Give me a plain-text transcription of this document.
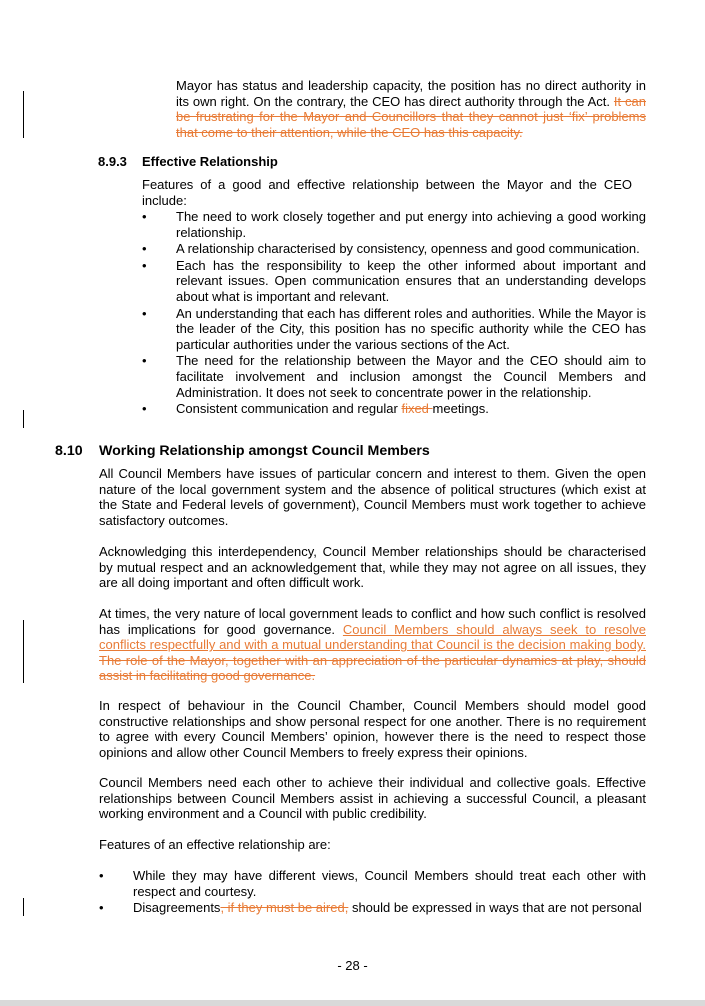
Mayor has status and leadership capacity, the position has no direct authority in its own right. On the contrary, the CEO has direct authority through the Act. It can be frustrating for the Mayor and Councillors that they cannot just ‘fix’ problems that come to their attention, while the CEO has this capacity.

8.9.3 Effective Relationship

Features of a good and effective relationship between the Mayor and the CEO include:

• The need to work closely together and put energy into achieving a good working relationship.
• A relationship characterised by consistency, openness and good communication.
• Each has the responsibility to keep the other informed about important and relevant issues. Open communication ensures that an understanding develops about what is important and relevant.
• An understanding that each has different roles and authorities. While the Mayor is the leader of the City, this position has no specific authority while the CEO has particular authorities under the various sections of the Act.
• The need for the relationship between the Mayor and the CEO should aim to facilitate involvement and inclusion amongst the Council Members and Administration. It does not seek to concentrate power in the relationship.
• Consistent communication and regular fixed meetings.
8.10 Working Relationship amongst Council Members

All Council Members have issues of particular concern and interest to them. Given the open nature of the local government system and the absence of political structures (which exist at the State and Federal levels of government), Council Members must work together to achieve satisfactory outcomes.

Acknowledging this interdependency, Council Member relationships should be characterised by mutual respect and an acknowledgement that, while they may not agree on all issues, they are all doing important and often difficult work.

At times, the very nature of local government leads to conflict and how such conflict is resolved has implications for good governance. Council Members should always seek to resolve conflicts respectfully and with a mutual understanding that Council is the decision making body. The role of the Mayor, together with an appreciation of the particular dynamics at play, should assist in facilitating good governance.

In respect of behaviour in the Council Chamber, Council Members should model good constructive relationships and show personal respect for one another. There is no requirement to agree with every Council Members’ opinion, however there is the need to respect those opinions and allow other Council Members to freely express their opinions.

Council Members need each other to achieve their individual and collective goals. Effective relationships between Council Members assist in achieving a successful Council, a pleasant working environment and a Council with public credibility.

Features of an effective relationship are:

• While they may have different views, Council Members should treat each other with respect and courtesy.
• Disagreements, if they must be aired, should be expressed in ways that are not personal
- 28 -
